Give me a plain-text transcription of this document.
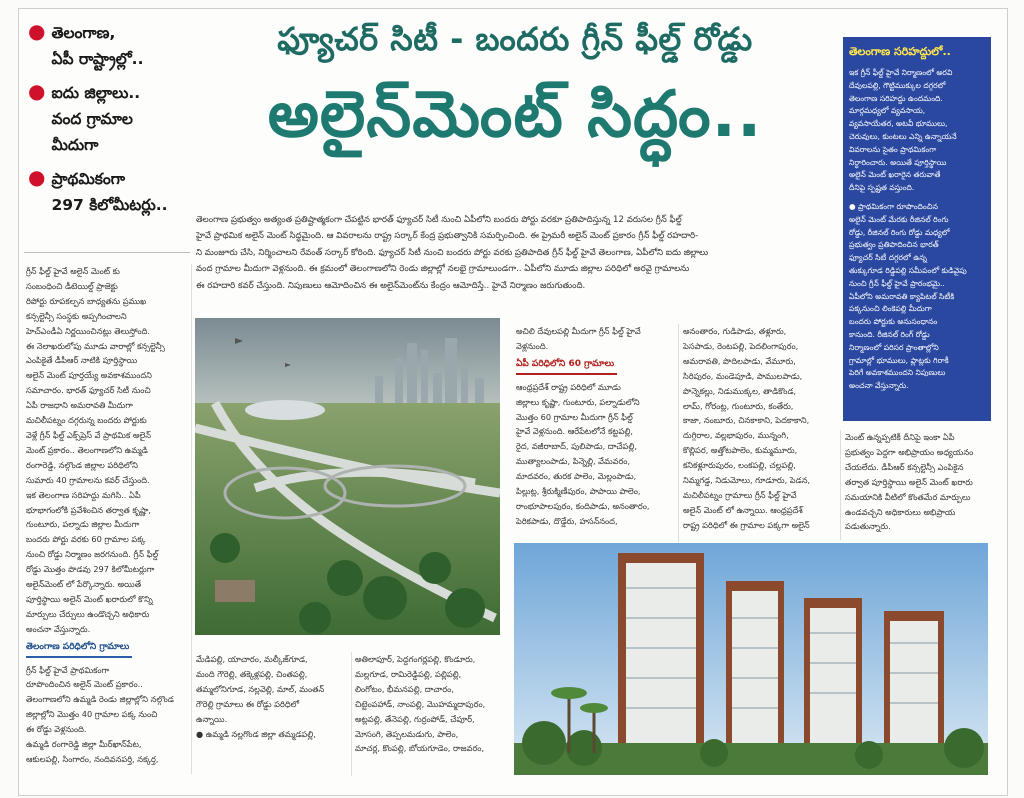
● తెలంగాణ,
ఏపీ రాష్ట్రాల్లో..
● ఐదు జిల్లాలు..
వంద గ్రామాల
మీదుగా
● ప్రాథమికంగా
297 కిలోమీటర్లు..
ఫ్యూచర్ సిటీ - బందరు గ్రీన్ ఫీల్డ్ రోడ్డు
అలైన్‌మెంట్ సిద్ధం..

తెలంగాణ ప్రభుత్వం అత్యంత ప్రతిష్టాత్మకంగా చేపట్టిన భారత్ ఫ్యూచర్ సిటీ నుంచి ఏపీలోని బందరు పోర్టు వరకూ ప్రతిపాదిస్తున్న 12 వరుసల గ్రీన్ ఫీల్డ్

హైవే ప్రాథమిక అలైన్ మెంట్ సిద్ధమైంది. ఆ వివరాలను రాష్ట్ర సర్కార్ కేంద్ర ప్రభుత్వానికి సమర్పించింది. ఈ ప్రైమరీ అలైన్ మెంట్ ప్రకారం గ్రీన్ ఫీల్డ్ రహదారి-

ని మంజూరు చేసి, నిర్మించాలని రేవంత్ సర్కార్ కోరింది. ఫ్యూచర్ సిటీ నుంచి బందరు పోర్టు వరకు ప్రతిపాదిత గ్రీన్ ఫీల్డ్ హైవే తెలంగాణ, ఏపీలోని ఐదు జిల్లాలు

వంద గ్రామాల మీదుగా వెళ్లనుంది. ఈ క్రమంలో తెలంగాణలోని రెండు జిల్లాల్లో నలభై గ్రామాలుండగా.. ఏపీలోని మూడు జిల్లాల పరిధిలో అరవై గ్రామాలను

ఈ రహదారి కవర్ చేస్తుంది. నిపుణులు ఆమోదించిన ఈ అలైన్‌మెంట్‌ను కేంద్రం ఆమోదిస్తే.. హైవే నిర్మాణం జరుగుతుంది.

గ్రీన్ ఫీల్డ్ హైవే అలైన్ మెంట్ కు

సంబంధించి డీటెయిల్డ్ ప్రాజెక్టు

రిపోర్టు రూపకల్పన బాధ్యతను ప్రముఖ

కన్సల్టెన్సీ సంస్థకు అప్పగించాలని

హెచ్ఎండీఏ నిర్ణయించినట్లు తెలుస్తోంది.

ఈ నెలాఖరులోపు మూడు వారాల్లో కన్సల్టెన్సీ

ఎంపికైతే డీపీఆర్ నాటికి పూర్తిస్థాయి

అలైన్ మెంట్ పూర్తయ్యే అవకాశముందని

సమాచారం. భారత్ ఫ్యూచర్ సిటీ నుంచి

ఏపీ రాజధాని అమరావతి మీదుగా

మచిలీపట్నం దగ్గరున్న బందరు పోర్టుకు

వెళ్లే గ్రీన్ ఫీల్డ్ ఎక్స్‌ప్రెస్ వే ప్రాథమిక అలైన్

మెంట్ ప్రకారం.. తెలంగాణలోని ఉమ్మడి

రంగారెడ్డి, నల్గొండ జిల్లాల పరిధిలోని

సుమారు 40 గ్రామాలను కవర్ చేస్తుంది.

ఇక తెలంగాణ సరిహద్దు మగిసి.. ఏపీ

భూభాగంలోకి ప్రవేశించిన తర్వాత కృష్ణా,

గుంటూరు, పల్నాడు జిల్లాల మీదుగా

బందరు పోర్టు వరకు 60 గ్రామాల పక్క

నుంచి రోడ్డు నిర్మాణం జరగనుంది. గ్రీన్ ఫీల్డ్

రోడ్డు మొత్తం పొడవు 297 కిలోమీటర్లుగా

అలైన్‌మెంట్ లో పేర్కొన్నారు. అయితే

పూర్తిస్థాయి అలైన్ మెంట్ ఖరారులో కొన్ని

మార్పులు చేర్పులు ఉండొచ్చని అధికారు

అంచనా వేస్తున్నారు.

తెలంగాణ పరిధిలోని గ్రామాలు

గ్రీన్ ఫీల్డ్ హైవే ప్రాథమికంగా

రూపొందించిన అలైన్ మెంట్ ప్రకారం..

తెలంగాణలోని ఉమ్మడి రెండు జిల్లాల్లోని నల్గొండ

జిల్లాల్లోని మొత్తం 40 గ్రామాల పక్క నుంచి

ఈ రోడ్డు వెళ్లనుంది.

ఉమ్మడి రంగారెడ్డి జిల్లా మీర్‌ఖాన్‌పేట,

ఆకులపల్లి, సింగారం, నందివనపర్తి, నక్కర్త,

మేడిపల్లి, యాచారం, మల్కీజ్‌గూడ,

మంది గౌరెల్లి, తక్కెళ్లపల్లి, చింతపల్లి,

తమ్మలోనిగూడ, నల్లవెల్లి, మాల్, మంతన్

గౌరెల్లి గ్రామాలు ఈ రోడ్డు పరిధిలో

ఉన్నాయి.

● ఉమ్మడి నల్లగొండ జిల్లా తమ్మడపల్లి,

అచిలి దేవులపల్లి మీదుగా గ్రీన్ ఫీల్డ్ హైవే

వెళ్లనుంది.

ఏపీ పరిధిలోని 60 గ్రామాలు

ఆంధ్రప్రదేశ్ రాష్ట్ర పరిధిలో మూడు

జిల్లాలు కృష్ణా, గుంటూరు, పల్నాడులోని

మొత్తం 60 గ్రామాల మీదుగా గ్రీన్ ఫీల్డ్

హైవే వెళ్లనుంది. ఆరేపేటలోనే కట్టపల్లి,

రైద, వజీరాబాద్, పులిపాడు, దాచేపల్లి,

ముత్యాలంపాడు, పిన్నెల్లి, వేమవరం,

మాదవరం, తురక పాలెం, మెల్లంపాడు,

పిల్లుట్ల, శ్రీరుక్మిణీపురం, పాపాయి పాలెం,

రాంభూపాలపురం, కందిపాడు, అనంతారం,

పెరికపాడు, దొడ్డేరు, హసన్‌నంద,

అతిలాపూర్, పెద్దగంగర్లపల్లి, కొండూరు,

మల్లగూడ, రామిరెడ్డిపల్లి, పల్లిపల్లి,

లింగోటం, భీమనపల్లి, దాచారం,

చిట్టెంపహాడ్, నాంపల్లి, మొహమ్మదాపురం,

అట్లపల్లి, తేనెపల్లి, గుర్రంపోడ్, చేపూర్,

మోసంగి, తెప్పలమడుగు, పాలెం,

మాచర్ల, కొంపల్లి, బోయగూడెం, రాజవరం,

అనంతారం, గుడిపాడు, తళ్లూరు,

పెసపాడు, రెంటపల్లి, పెదలింగాపురం,

అమరావతి, పొదిలపాడు, వేమూరు,

సిరిపురం, మండెపూడి, పాములపాడు,

పొన్నెకల్లు, నిడుముక్కల, తాడికొండ,

లామ్, గోరంట్ల, గుంటూరు, కంతేరు,

కాజా, నంబూరు, చినకాకాని, పెదకాకాని,

దుగ్గిరాల, వల్లభాపురం, మున్నంగి,

కొల్లిపర, అత్తోటపాలెం, కుమ్మమూరు,

కనికళ్లూరుపురం, లంకపల్లి, చల్లపల్లి,

నిమ్మగడ్డ, నిడుమోలు, గూడూరు, పెడన,

మచిలీపట్నం గ్రామాలు గ్రీన్ ఫీల్డ్ హైవే

అలైన్ మెంట్ లో ఉన్నాయి. ఆంధ్రప్రదేశ్

రాష్ట్ర పరిధిలో ఈ గ్రామాల పక్కగా అలైన్

మెంట్ ఉన్నప్పటికీ దీనిపై ఇంకా ఏపీ

ప్రభుత్వం పెద్దగా అభిప్రాయం అధ్యయనం

చేయలేదు. డీపీఆర్ కన్సల్టెన్సీ ఎంపికైన

తర్వాత పూర్తిస్థాయి అలైన్ మెంట్ ఖరారు

సమయానికి వీటిలో కొంతమేర మార్పులు

ఉండవచ్చని అధికారులు అభిప్రాయ

పడుతున్నారు.

తెలంగాణ సరిహద్దులో..

ఇక గ్రీన్ ఫీల్డ్ హైవే నిర్మాణంలో అరవి

దేవులపల్లి, గౌట్టిముక్కుల దగ్గరలో

తెలంగాణ సరిహద్దు ఉందమంది.

మార్గమధ్యలో వ్యవసాయ,

వ్యవసాయేతర, అటవీ భూములు,

చెరువులు, కుంటలు ఎన్ని ఉన్నాయనే

వివరాలను సైతం ప్రాథమికంగా

నిర్ధారించారు. అయితే పూర్తిస్థాయి

అలైన్ మెంట్ ఖరారైన తరువాతే

దీనిపై స్పష్టత వస్తుంది.

● ప్రాథమికంగా రూపొందించిన

అలైన్ మెంట్ మేరకు రీజినల్ రింగు

రోడ్డు, రీజినల్ రింగు రోడ్డు మధ్యలో

ప్రభుత్వం ప్రతిపాదించిన భారత్

ఫ్యూచర్ సిటీ దగ్గరలో ఉన్న

తుక్కుగూడ రిడ్డిపల్లి సమీపంలో కుడివైపు

నుంచి గ్రీన్ ఫీల్డ్ హైవే ప్రారంభమై..

ఏపీలోని అమరావతి క్యాపిటల్ సిటీకి

పక్కనుంచి లింకెపల్లి మీదుగా

బందరు పోర్టుకు అనుసంధానం

కానుంది. రీజినల్ రింగ్ రోడ్డు

నిర్మాణంలో పరిసర ప్రాంతాల్లోని

గ్రామాల్లో భూములు, ప్లాట్లకు గిరాకీ

పెరిగే అవకాశముందని నిపుణులు

అంచనా వేస్తున్నారు.
